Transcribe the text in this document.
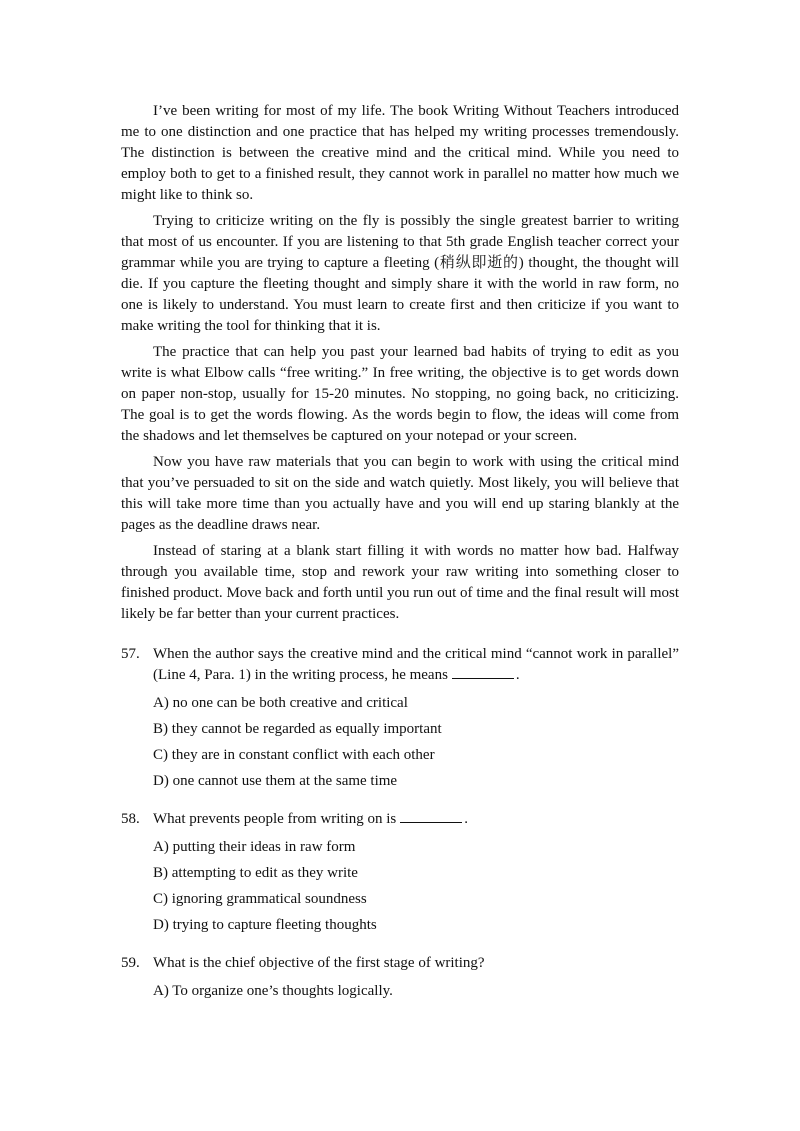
I’ve been writing for most of my life. The book Writing Without Teachers introduced me to one distinction and one practice that has helped my writing processes tremendously. The distinction is between the creative mind and the critical mind. While you need to employ both to get to a finished result, they cannot work in parallel no matter how much we might like to think so.

Trying to criticize writing on the fly is possibly the single greatest barrier to writing that most of us encounter. If you are listening to that 5th grade English teacher correct your grammar while you are trying to capture a fleeting (稍纵即逝的) thought, the thought will die. If you capture the fleeting thought and simply share it with the world in raw form, no one is likely to understand. You must learn to create first and then criticize if you want to make writing the tool for thinking that it is.

The practice that can help you past your learned bad habits of trying to edit as you write is what Elbow calls “free writing.” In free writing, the objective is to get words down on paper non-stop, usually for 15-20 minutes. No stopping, no going back, no criticizing. The goal is to get the words flowing. As the words begin to flow, the ideas will come from the shadows and let themselves be captured on your notepad or your screen.

Now you have raw materials that you can begin to work with using the critical mind that you’ve persuaded to sit on the side and watch quietly. Most likely, you will believe that this will take more time than you actually have and you will end up staring blankly at the pages as the deadline draws near.

Instead of staring at a blank start filling it with words no matter how bad. Halfway through you available time, stop and rework your raw writing into something closer to finished product. Move back and forth until you run out of time and the final result will most likely be far better than your current practices.

57. When the author says the creative mind and the critical mind “cannot work in parallel” (Line 4, Para. 1) in the writing process, he means	.
A) no one can be both creative and critical
B) they cannot be regarded as equally important
C) they are in constant conflict with each other
D) one cannot use them at the same time
58. What prevents people from writing on is	.
A) putting their ideas in raw form
B) attempting to edit as they write
C) ignoring grammatical soundness
D) trying to capture fleeting thoughts
59. What is the chief objective of the first stage of writing?
A) To organize one’s thoughts logically.
